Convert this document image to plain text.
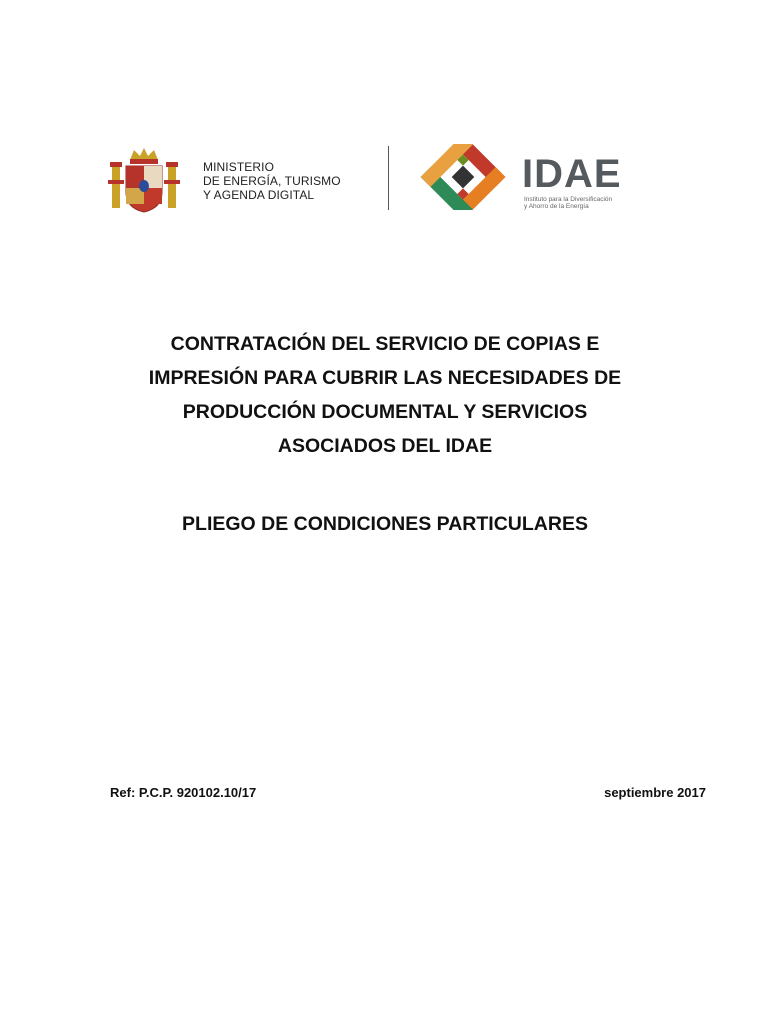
MINISTERIO
DE ENERGÍA, TURISMO
Y AGENDA DIGITAL	IDAE
Instituto para la Diversificación
y Ahorro de la Energía
CONTRATACIÓN DEL SERVICIO DE COPIAS E
IMPRESIÓN PARA CUBRIR LAS NECESIDADES DE
PRODUCCIÓN DOCUMENTAL Y SERVICIOS
ASOCIADOS DEL IDAE
PLIEGO DE CONDICIONES PARTICULARES
Ref: P.C.P. 920102.10/17	septiembre 2017
